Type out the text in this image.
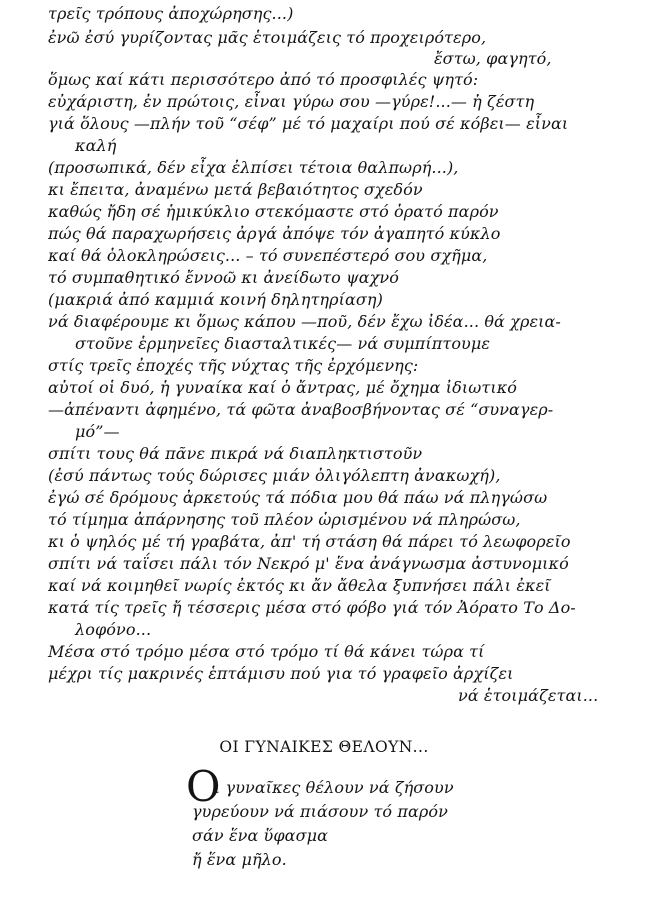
τρεῖς τρόπους ἀποχώρησης...)
ἐνῶ ἐσύ γυρίζοντας μᾶς ἑτοιμάζεις τό προχειρότερο,
ἔστω, φαγητό,
ὅμως καί κάτι περισσότερο ἀπό τό προσφιλές ψητό:
εὐχάριστη, ἐν πρώτοις, εἶναι γύρω σου —γύρε!...— ἡ ζέστη
γιά ὅλους —πλήν τοῦ “σέφ” μέ τό μαχαίρι πού σέ κόβει— εἶναι
καλή
(προσωπικά, δέν εἶχα ἐλπίσει τέτοια θαλπωρή...),
κι ἔπειτα, ἀναμένω μετά βεβαιότητος σχεδόν
καθώς ἤδη σέ ἡμικύκλιο στεκόμαστε στό ὁρατό παρόν
πώς θά παραχωρήσεις ἀργά ἀπόψε τόν ἀγαπητό κύκλο
καί θά ὁλοκληρώσεις... – τό συνεπέστερό σου σχῆμα,
τό συμπαθητικό ἔννοῶ κι ἀνείδωτο ψαχνό
(μακριά ἀπό καμμιά κοινή δηλητηρίαση)
νά διαφέρουμε κι ὅμως κάπου —ποῦ, δέν ἔχω ἰδέα... θά χρεια-
στοῦνε ἑρμηνεῖες διασταλτικές— νά συμπίπτουμε
στίς τρεῖς ἐποχές τῆς νύχτας τῆς ἐρχόμενης:
αὐτοί οἱ δυό, ἡ γυναίκα καί ὁ ἄντρας, μέ ὄχημα ἰδιωτικό
—ἀπέναντι ἀφημένο, τά φῶτα ἀναβοσβήνοντας σέ “συναγερ-
μό”—
σπίτι τους θά πᾶνε πικρά νά διαπληκτιστοῦν
(ἐσύ πάντως τούς δώρισες μιάν ὀλιγόλεπτη ἀνακωχή),
ἐγώ σέ δρόμους ἀρκετούς τά πόδια μου θά πάω νά πληγώσω
τό τίμημα ἀπάρνησης τοῦ πλέον ὡρισμένου νά πληρώσω,
κι ὁ ψηλός μέ τή γραβάτα, ἀπ' τή στάση θά πάρει τό λεωφορεῖο
σπίτι νά ταΐσει πάλι τόν Νεκρό μ' ἕνα ἀνάγνωσμα ἀστυνομικό
καί νά κοιμηθεῖ νωρίς ἐκτός κι ἄν ἄθελα ξυπνήσει πάλι ἐκεῖ
κατά τίς τρεῖς ἤ τέσσερις μέσα στό φόβο γιά τόν Ἀόρατο Το Δο-
λοφόνο...
Μέσα στό τρόμο μέσα στό τρόμο τί θά κάνει τώρα τί
μέχρι τίς μακρινές ἑπτάμισυ πού για τό γραφεῖο ἀρχίζει
νά ἑτοιμάζεται...
ΟΙ ΓΥΝΑΙΚΕΣ ΘΕΛΟΥΝ...
Ο
ι γυναῖκες θέλουν νά ζήσουν
γυρεύουν νά πιάσουν τό παρόν
σάν ἕνα ὕφασμα
ἤ ἕνα μῆλο.
